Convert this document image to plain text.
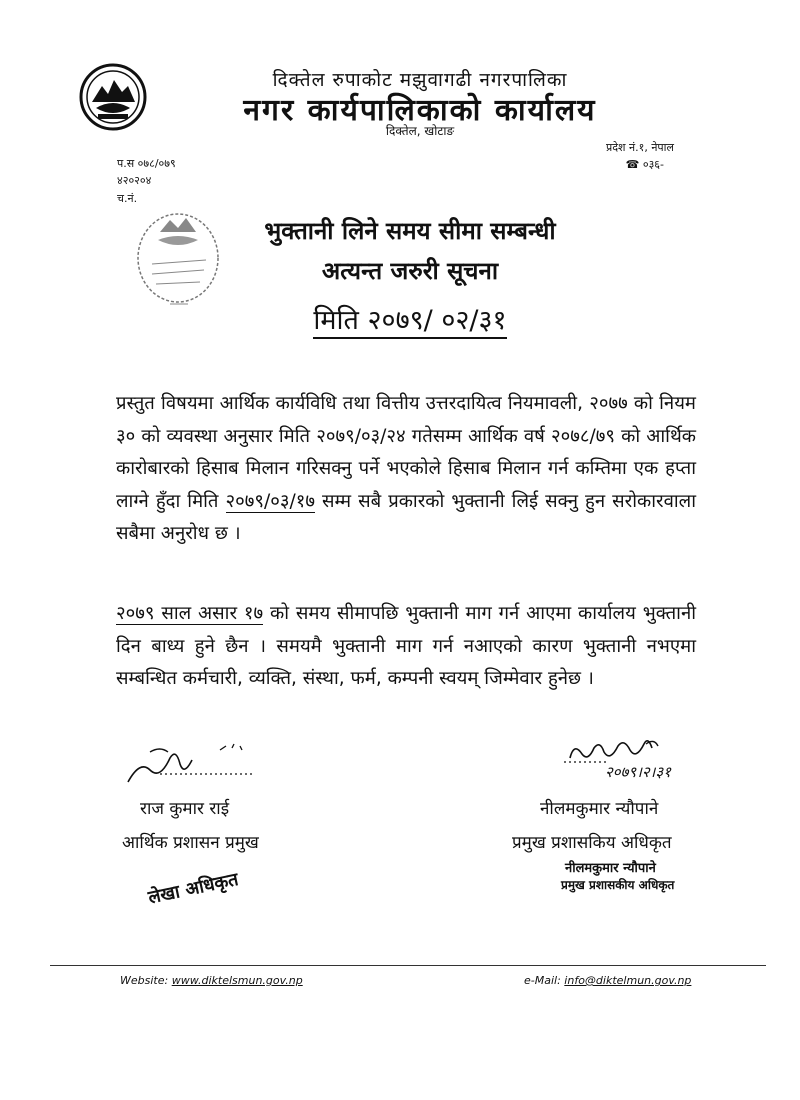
दिक्तेल रुपाकोट मझुवागढी नगरपालिका
नगर कार्यपालिकाको कार्यालय
दिक्तेल, खोटाङ
प्रदेश नं.१, नेपाल
☎ ०३६-
प.स ०७८/०७९
४२०२०४
च.नं.
भुक्तानी लिने समय सीमा सम्बन्धी
अत्यन्त जरुरी सूचना
मिति २०७९/ ०२/३१
प्रस्तुत विषयमा आर्थिक कार्यविधि तथा वित्तीय उत्तरदायित्व नियमावली, २०७७ को नियम ३० को व्यवस्था अनुसार मिति २०७९/०३/२४ गतेसम्म आर्थिक वर्ष २०७८/७९ को आर्थिक कारोबारको हिसाब मिलान गरिसक्नु पर्ने भएकोले हिसाब मिलान गर्न कम्तिमा एक हप्ता लाग्ने हुँदा मिति २०७९/०३/१७ सम्म सबै प्रकारको भुक्तानी लिई सक्नु हुन सरोकारवाला सबैमा अनुरोध छ ।
२०७९ साल असार १७ को समय सीमापछि भुक्तानी माग गर्न आएमा कार्यालय भुक्तानी दिन बाध्य हुने छैन । समयमै भुक्तानी माग गर्न नआएको कारण भुक्तानी नभएमा सम्बन्धित कर्मचारी, व्यक्ति, संस्था, फर्म, कम्पनी स्वयम् जिम्मेवार हुनेछ ।
राज कुमार राई
आर्थिक प्रशासन प्रमुख
लेखा अधिकृत
२०७९।२।३१
नीलमकुमार न्यौपाने
प्रमुख प्रशासकिय अधिकृत
नीलमकुमार न्यौपाने
प्रमुख प्रशासकीय अधिकृत
Website: www.diktelsmun.gov.np	e-Mail: info@diktelmun.gov.np
